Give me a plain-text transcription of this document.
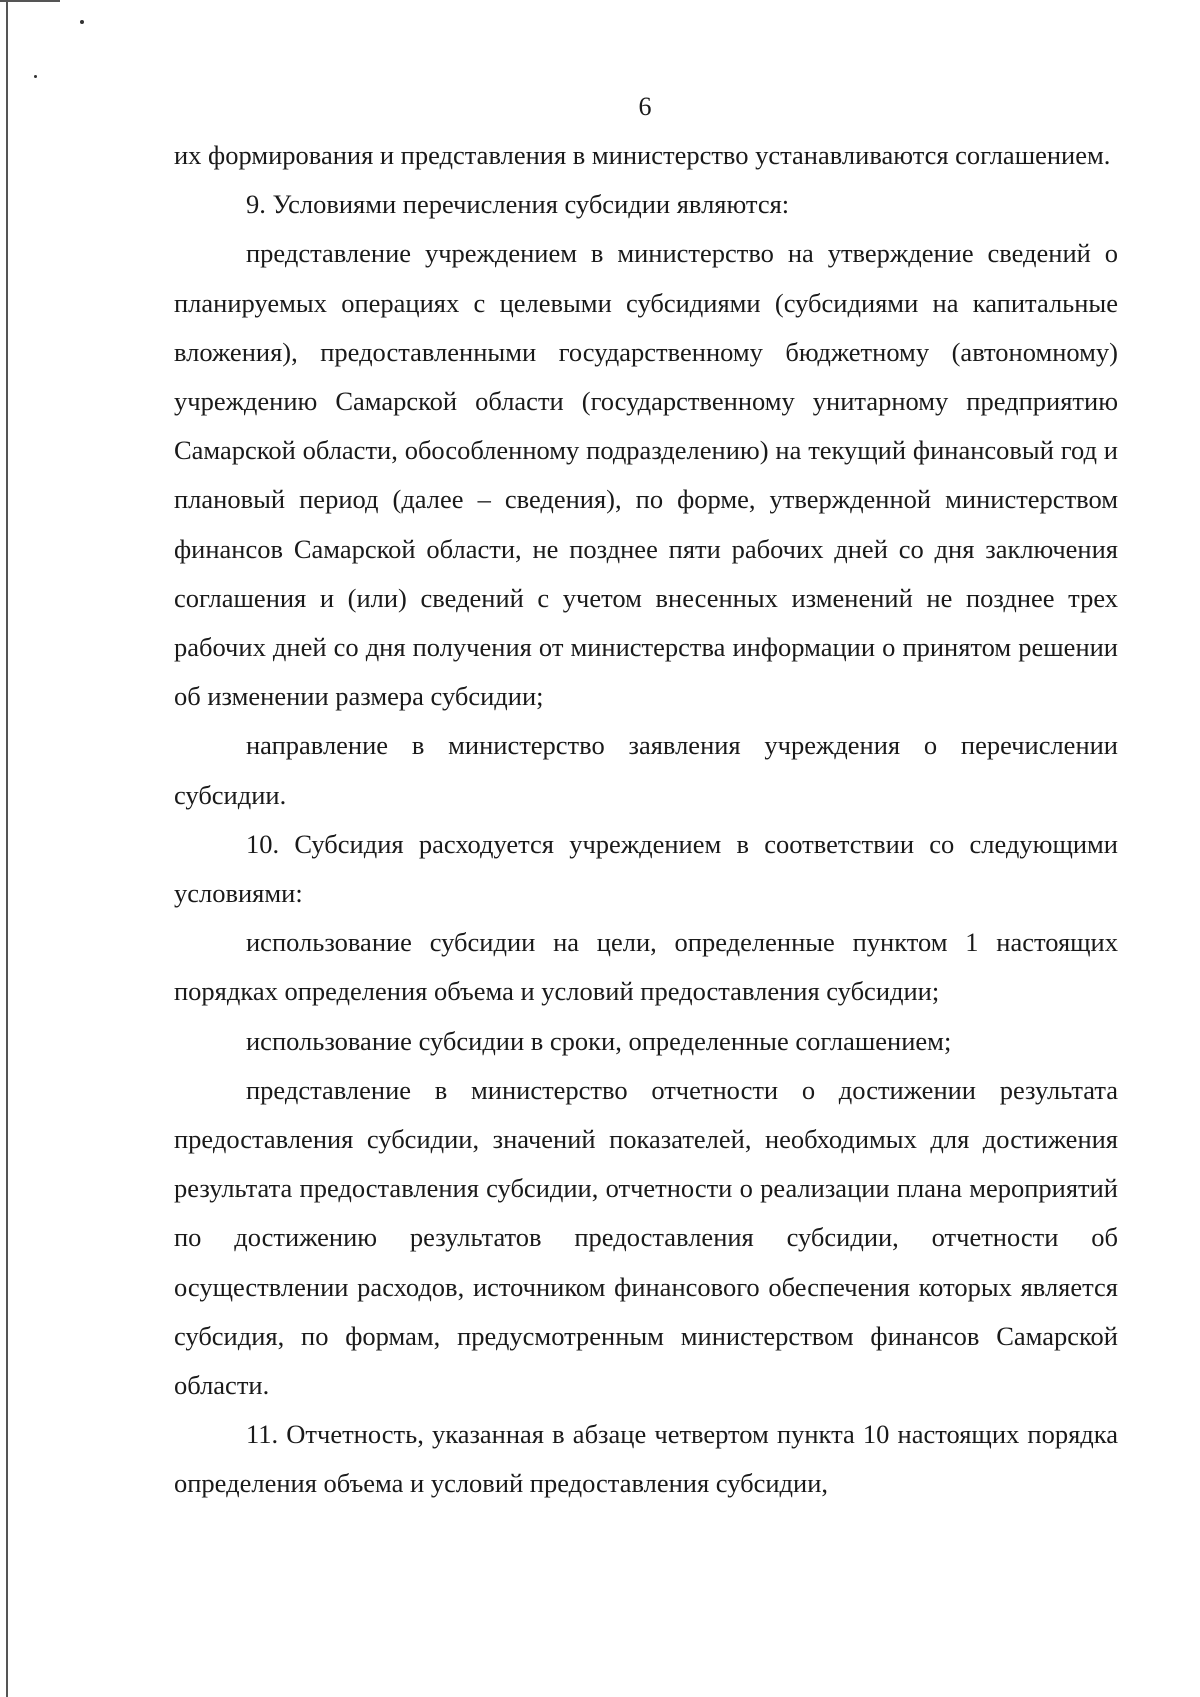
6

их формирования и представления в министерство устанавливаются соглашением.

9. Условиями перечисления субсидии являются:

представление учреждением в министерство на утверждение сведений о планируемых операциях с целевыми субсидиями (субсидиями на капитальные вложения), предоставленными государственному бюджетному (автономному) учреждению Самарской области (государственному унитарному предприятию Самарской области, обособленному подразделению) на текущий финансовый год и плановый период (далее – сведения), по форме, утвержденной министерством финансов Самарской области, не позднее пяти рабочих дней со дня заключения соглашения и (или) сведений с учетом внесенных изменений не позднее трех рабочих дней со дня получения от министерства информации о принятом решении об изменении размера субсидии;

направление в министерство заявления учреждения о перечислении субсидии.

10. Субсидия расходуется учреждением в соответствии со следующими условиями:

использование субсидии на цели, определенные пунктом 1 настоящих порядках определения объема и условий предоставления субсидии;

использование субсидии в сроки, определенные соглашением;

представление в министерство отчетности о достижении результата предоставления субсидии, значений показателей, необходимых для достижения результата предоставления субсидии, отчетности о реализации плана мероприятий по достижению результатов предоставления субсидии, отчетности об осуществлении расходов, источником финансового обеспечения которых является субсидия, по формам, предусмотренным министерством финансов Самарской области.

11. Отчетность, указанная в абзаце четвертом пункта 10 настоящих порядка определения объема и условий предоставления субсидии,
